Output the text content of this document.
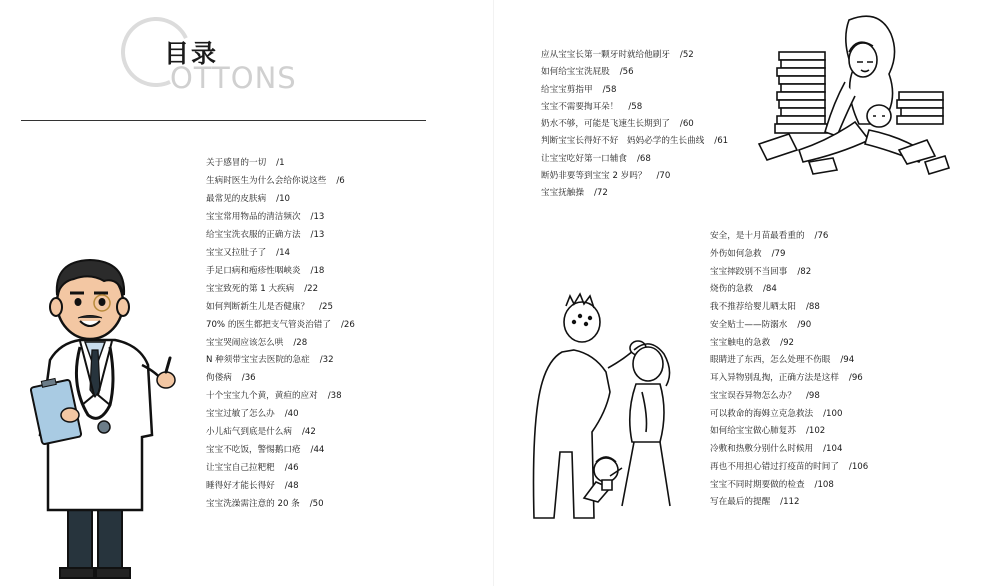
目录
OTTONS
关于感冒的一切 /1
生病时医生为什么会给你说这些 /6
最常见的皮肤病 /10
宝宝常用物品的清洁频次 /13
给宝宝洗衣服的正确方法 /13
宝宝又拉肚子了 /14
手足口病和疱疹性咽峡炎 /18
宝宝致死的第 1 大疾病 /22
如何判断新生儿是否健康？ /25
70% 的医生都把支气管炎治错了 /26
宝宝哭闹应该怎么哄 /28
N 种须带宝宝去医院的急症 /32
佝偻病 /36
十个宝宝九个黄，黄疸的应对 /38
宝宝过敏了怎么办 /40
小儿疝气到底是什么病 /42
宝宝不吃饭，警惕鹅口疮 /44
让宝宝自己拉粑粑 /46
睡得好才能长得好 /48
宝宝洗澡需注意的 20 条 /50
应从宝宝长第一颗牙时就给他刷牙 /52
如何给宝宝洗屁股 /56
给宝宝剪指甲 /58
宝宝不需要掏耳朵！ /58
奶水不够，可能是飞速生长期到了 /60
判断宝宝长得好不好　妈妈必学的生长曲线 /61
让宝宝吃好第一口辅食 /68
断奶非要等到宝宝 2 岁吗？ /70
宝宝抚触操 /72
安全，是十月苗最看重的 /76
外伤如何急救 /79
宝宝摔跤别不当回事 /82
烧伤的急救 /84
我不推荐给婴儿晒太阳 /88
安全贴士——防溺水 /90
宝宝触电的急救 /92
眼睛进了东西，怎么处理不伤眼 /94
耳入异物别乱掏，正确方法是这样 /96
宝宝误吞异物怎么办？ /98
可以救命的海姆立克急救法 /100
如何给宝宝做心肺复苏 /102
冷敷和热敷分别什么时候用 /104
再也不用担心错过打疫苗的时间了 /106
宝宝不同时期要做的检查 /108
写在最后的提醒 /112
